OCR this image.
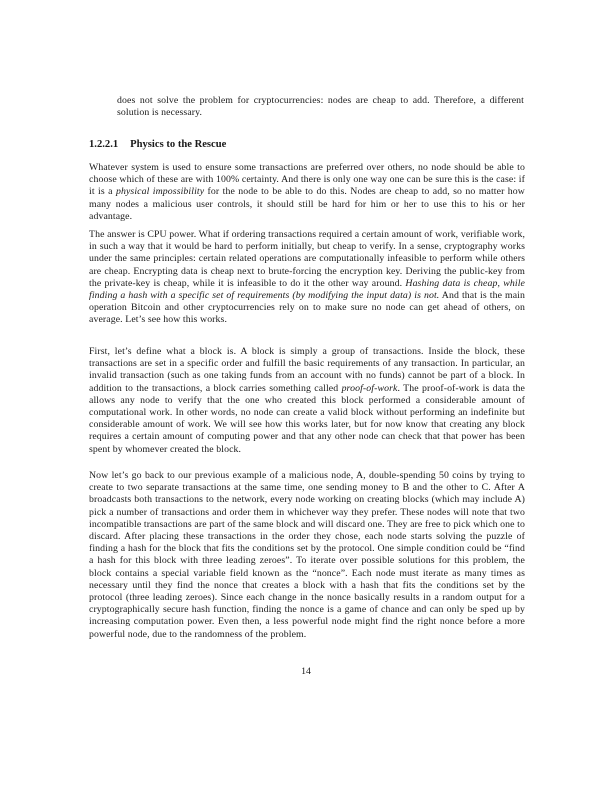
does not solve the problem for cryptocurrencies: nodes are cheap to add. Therefore, a different solution is necessary.
1.2.2.1 Physics to the Rescue
Whatever system is used to ensure some transactions are preferred over others, no node should be able to choose which of these are with 100% certainty. And there is only one way one can be sure this is the case: if it is a physical impossibility for the node to be able to do this. Nodes are cheap to add, so no matter how many nodes a malicious user controls, it should still be hard for him or her to use this to his or her advantage.
The answer is CPU power. What if ordering transactions required a certain amount of work, verifiable work, in such a way that it would be hard to perform initially, but cheap to verify. In a sense, cryptography works under the same principles: certain related operations are computationally infeasible to perform while others are cheap. Encrypting data is cheap next to brute-forcing the encryption key. Deriving the public-key from the private-key is cheap, while it is infeasible to do it the other way around. Hashing data is cheap, while finding a hash with a specific set of requirements (by modifying the input data) is not. And that is the main operation Bitcoin and other cryptocurrencies rely on to make sure no node can get ahead of others, on average. Let’s see how this works.
First, let’s define what a block is. A block is simply a group of transactions. Inside the block, these transactions are set in a specific order and fulfill the basic requirements of any transaction. In particular, an invalid transaction (such as one taking funds from an account with no funds) cannot be part of a block. In addition to the transactions, a block carries something called proof-of-work. The proof-of-work is data the allows any node to verify that the one who created this block performed a considerable amount of computational work. In other words, no node can create a valid block without performing an indefinite but considerable amount of work. We will see how this works later, but for now know that creating any block requires a certain amount of computing power and that any other node can check that that power has been spent by whomever created the block.
Now let’s go back to our previous example of a malicious node, A, double-spending 50 coins by trying to create to two separate transactions at the same time, one sending money to B and the other to C. After A broadcasts both transactions to the network, every node working on creating blocks (which may include A) pick a number of transactions and order them in whichever way they prefer. These nodes will note that two incompatible transactions are part of the same block and will discard one. They are free to pick which one to discard. After placing these transactions in the order they chose, each node starts solving the puzzle of finding a hash for the block that fits the conditions set by the protocol. One simple condition could be “find a hash for this block with three leading zeroes”. To iterate over possible solutions for this problem, the block contains a special variable field known as the “nonce”. Each node must iterate as many times as necessary until they find the nonce that creates a block with a hash that fits the conditions set by the protocol (three leading zeroes). Since each change in the nonce basically results in a random output for a cryptographically secure hash function, finding the nonce is a game of chance and can only be sped up by increasing computation power. Even then, a less powerful node might find the right nonce before a more powerful node, due to the randomness of the problem.
14
